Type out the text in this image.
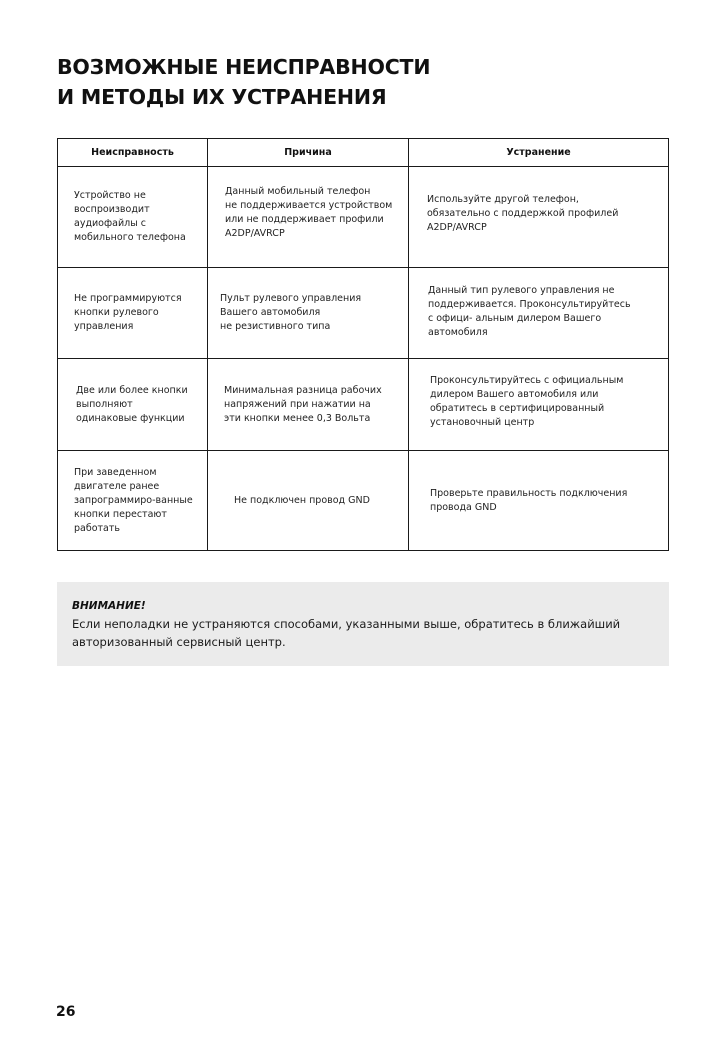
ВОЗМОЖНЫЕ НЕИСПРАВНОСТИ
И МЕТОДЫ ИХ УСТРАНЕНИЯ
Неисправность	Причина	Устранение
Устройство не
воспроизводит
аудиофайлы с
мобильного телефона
Данный мобильный телефон
не поддерживается устройством
или не поддерживает профили
A2DP/AVRCP
Используйте другой телефон,
обязательно с поддержкой профилей
A2DP/AVRCP
Не программируются
кнопки рулевого
управления
Пульт рулевого управления
Вашего автомобиля
не резистивного типа
Данный тип рулевого управления не
поддерживается. Проконсультируйтесь
с офици- альным дилером Вашего
автомобиля
Две или более кнопки
выполняют
одинаковые функции
Минимальная разница рабочих
напряжений при нажатии на
эти кнопки менее 0,3 Вольта
Проконсультируйтесь с официальным
дилером Вашего автомобиля или
обратитесь в сертифицированный
установочный центр
При заведенном
двигателе ранее
запрограммиро-ванные
кнопки перестают
работать
Не подключен провод GND
Проверьте правильность подключения
провода GND
ВНИМАНИЕ!
Если неполадки не устраняются способами, указанными выше, обратитесь в ближайший
авторизованный сервисный центр.
26
